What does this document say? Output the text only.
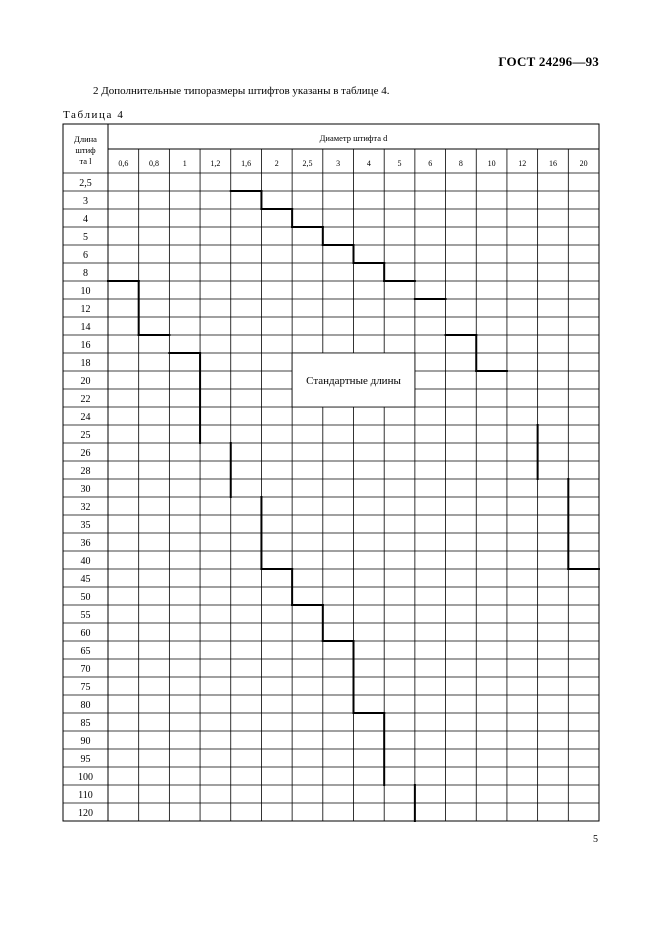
ГОСТ 24296—93
2 Дополнительные типоразмеры штифтов указаны в таблице 4.
Таблица 4
Стандартные длины
Длина
штиф
та l
Диаметр штифта d
0,6	0,8	1	1,2	1,6	2	2,5	3	4	5	6	8	10	12	16	20
2,5
3
4
5
6
8
10
12
14
16
18
20
22
24
25
26
28
30
32
35
36
40
45
50
55
60
65
70
75
80
85
90
95
100
110
120
5
